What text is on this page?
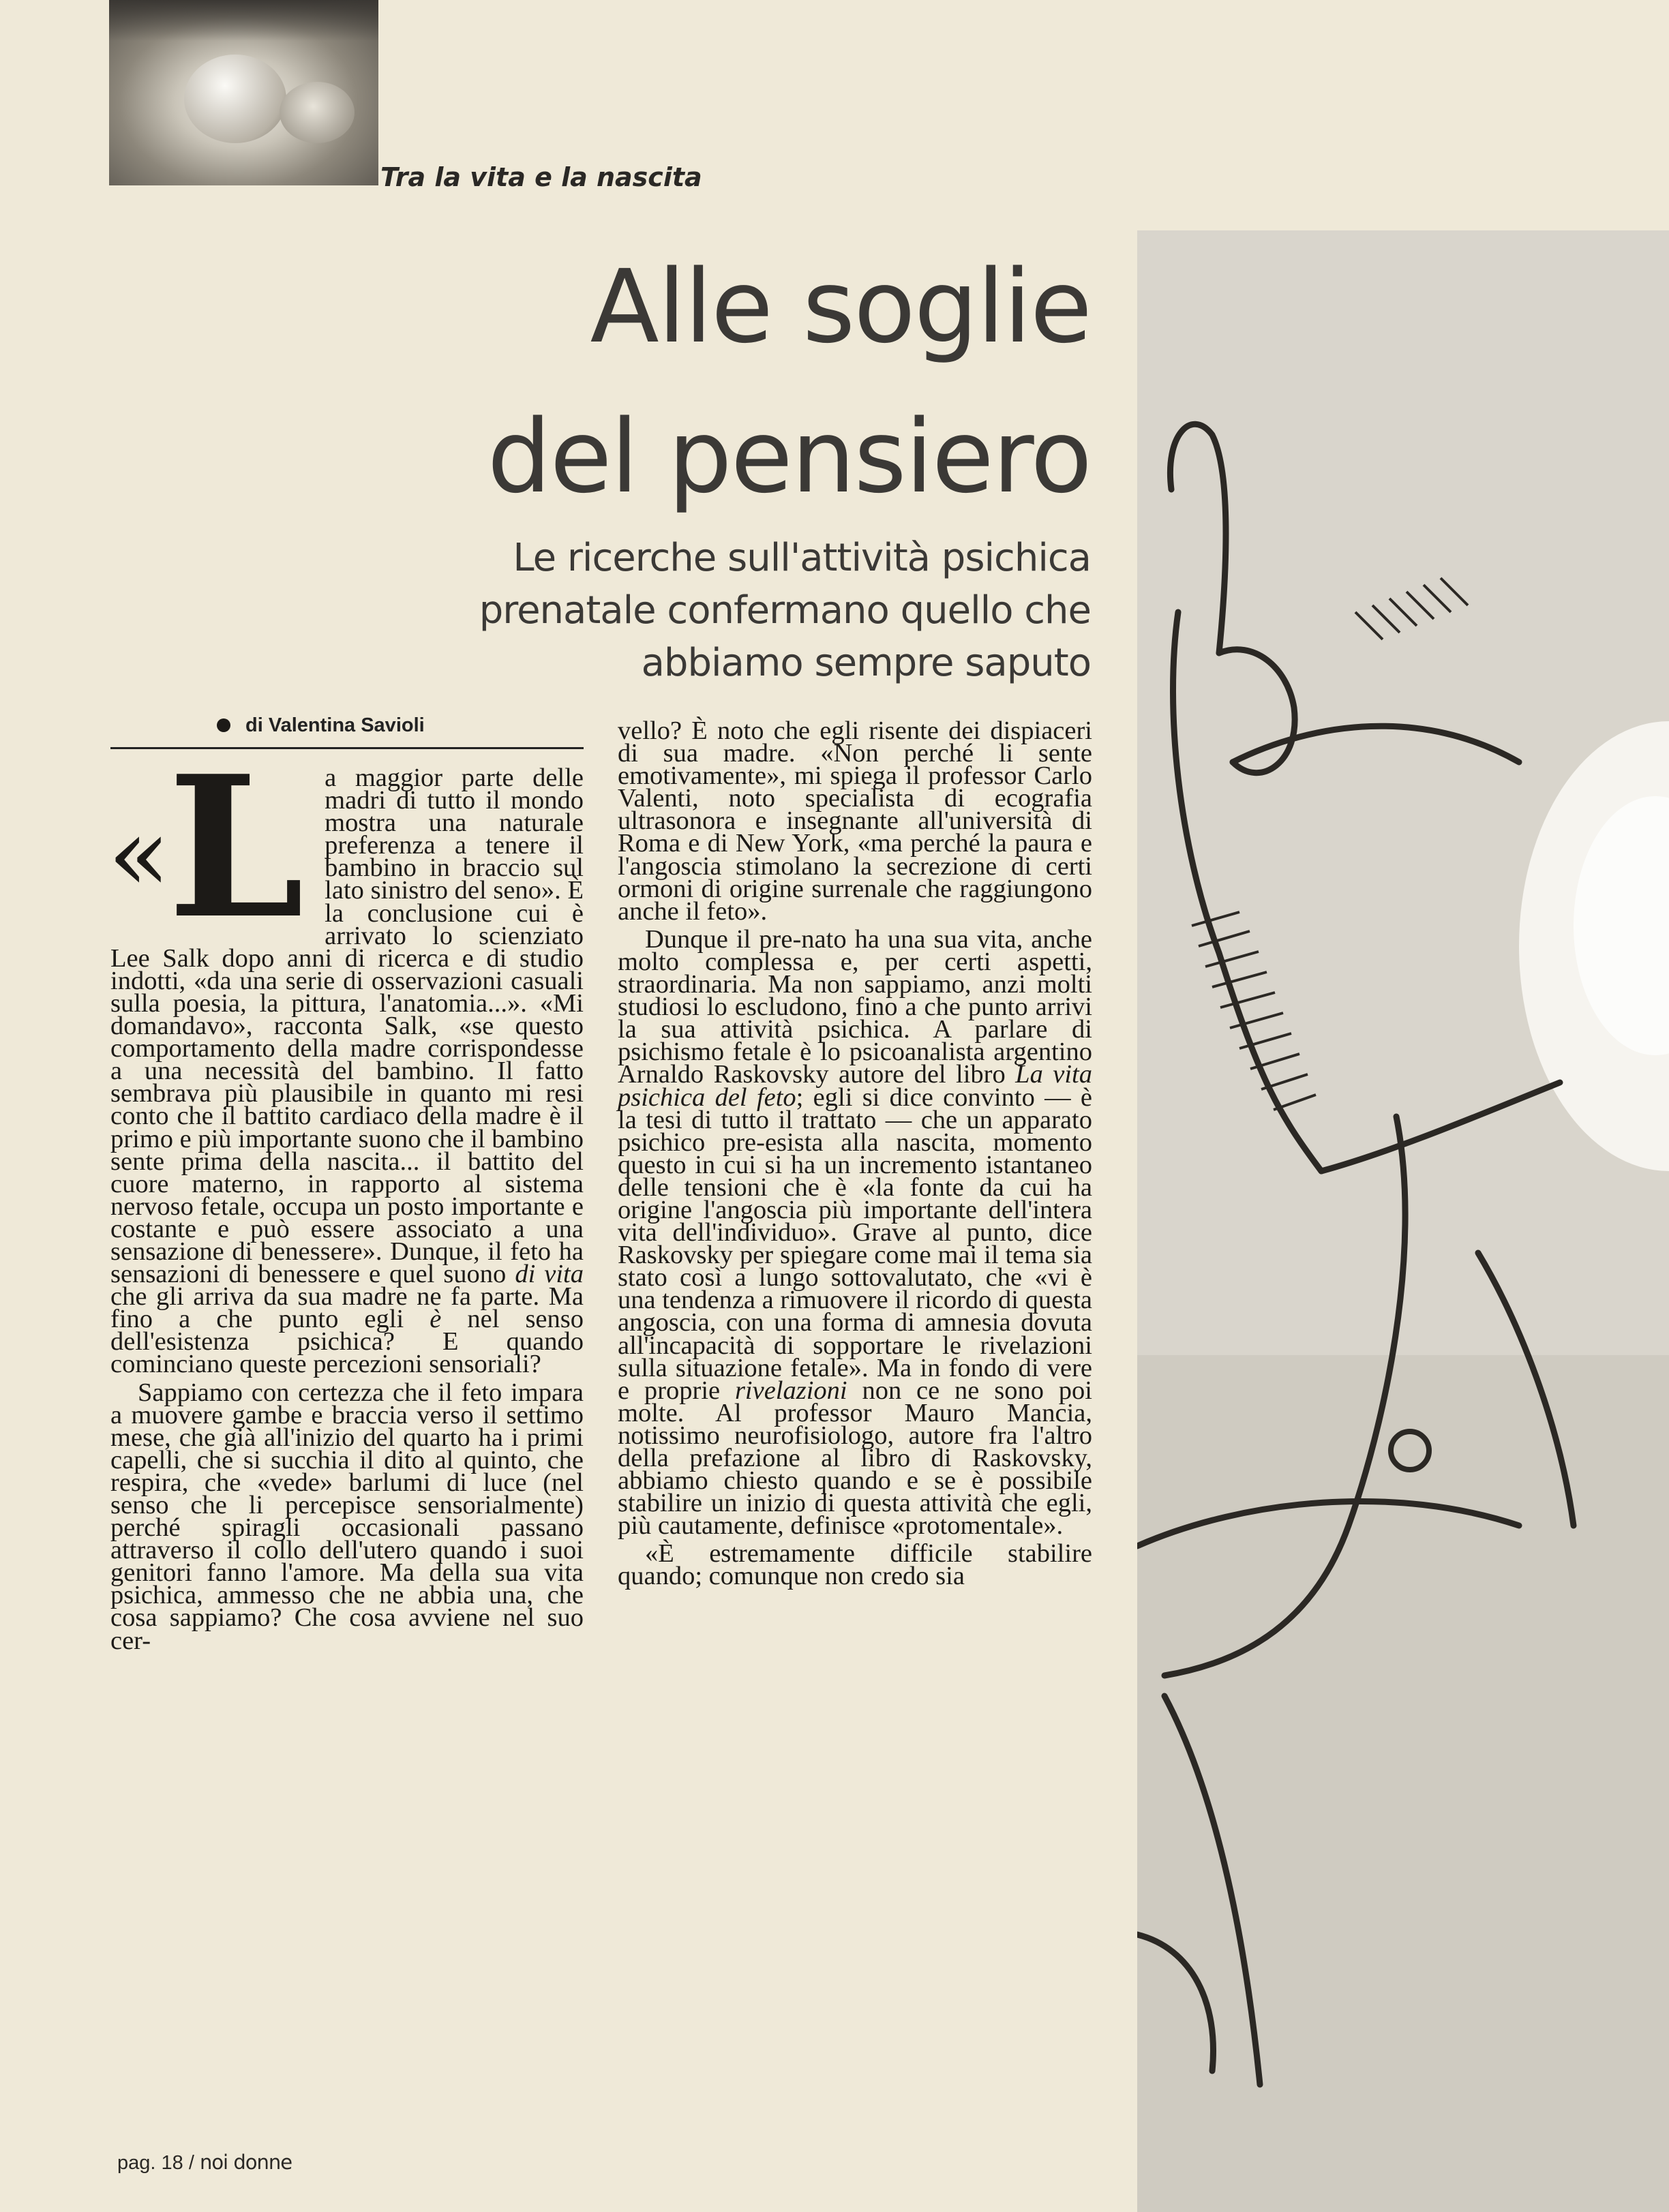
Tra la vita e la nascita
Alle soglie
del pensiero
Le ricerche sull'attività psichica
prenatale confermano quello che
abbiamo sempre saputo
di Valentina Savioli

«L a maggior parte delle madri di tutto il mondo mostra una naturale preferenza a tenere il bambino in braccio sul lato sinistro del seno». È la conclusione cui è arrivato lo scienziato Lee Salk dopo anni di ricerca e di studio indotti, «da una serie di osservazioni casuali sulla poesia, la pittura, l'anatomia...». «Mi domandavo», racconta Salk, «se questo comportamento della madre corrispondesse a una necessità del bambino. Il fatto sembrava più plausibile in quanto mi resi conto che il battito cardiaco della madre è il primo e più importante suono che il bambino sente prima della nascita... il battito del cuore materno, in rapporto al sistema nervoso fetale, occupa un posto importante e costante e può essere associato a una sensazione di benessere». Dunque, il feto ha sensazioni di benessere e quel suono di vita che gli arriva da sua madre ne fa parte. Ma fino a che punto egli è nel senso dell'esistenza psichica? E quando cominciano queste percezioni sensoriali?

Sappiamo con certezza che il feto impara a muovere gambe e braccia verso il settimo mese, che già all'inizio del quarto ha i primi capelli, che si succhia il dito al quinto, che respira, che «vede» barlumi di luce (nel senso che li percepisce sensorialmente) perché spiragli occasionali passano attraverso il collo dell'utero quando i suoi genitori fanno l'amore. Ma della sua vita psichica, ammesso che ne abbia una, che cosa sappiamo? Che cosa avviene nel suo cer-

vello? È noto che egli risente dei dispiaceri di sua madre. «Non perché li sente emotivamente», mi spiega il professor Carlo Valenti, noto specialista di ecografia ultrasonora e insegnante all'università di Roma e di New York, «ma perché la paura e l'angoscia stimolano la secrezione di certi ormoni di origine surrenale che raggiungono anche il feto».

Dunque il pre-nato ha una sua vita, anche molto complessa e, per certi aspetti, straordinaria. Ma non sappiamo, anzi molti studiosi lo escludono, fino a che punto arrivi la sua attività psichica. A parlare di psichismo fetale è lo psicoanalista argentino Arnaldo Raskovsky autore del libro La vita psichica del feto; egli si dice convinto — è la tesi di tutto il trattato — che un apparato psichico pre-esista alla nascita, momento questo in cui si ha un incremento istantaneo delle tensioni che è «la fonte da cui ha origine l'angoscia più importante dell'intera vita dell'individuo». Grave al punto, dice Raskovsky per spiegare come mai il tema sia stato così a lungo sottovalutato, che «vi è una tendenza a rimuovere il ricordo di questa angoscia, con una forma di amnesia dovuta all'incapacità di sopportare le rivelazioni sulla situazione fetale». Ma in fondo di vere e proprie rivelazioni non ce ne sono poi molte. Al professor Mauro Mancia, notissimo neurofisiologo, autore fra l'altro della prefazione al libro di Raskovsky, abbiamo chiesto quando e se è possibile stabilire un inizio di questa attività che egli, più cautamente, definisce «protomentale».

«È estremamente difficile stabilire quando; comunque non credo sia

pag. 18 / noi donne
